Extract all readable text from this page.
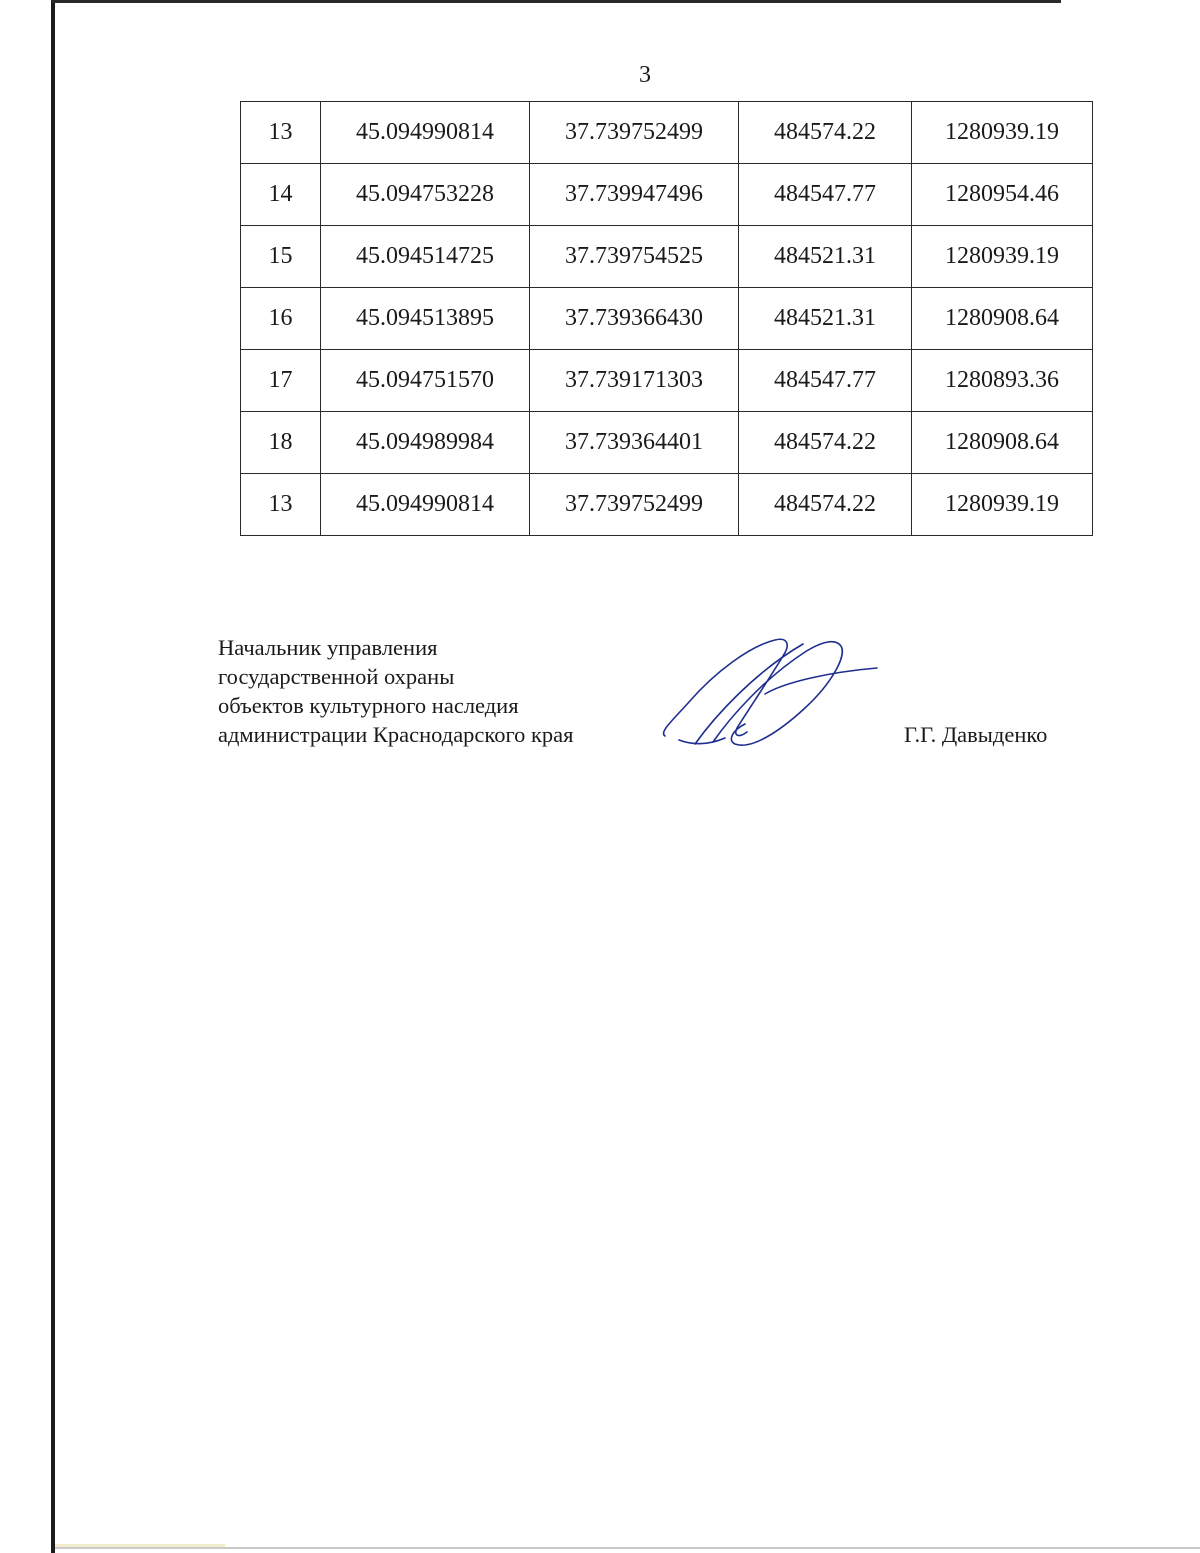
3
13	45.094990814	37.739752499	484574.22	1280939.19
14	45.094753228	37.739947496	484547.77	1280954.46
15	45.094514725	37.739754525	484521.31	1280939.19
16	45.094513895	37.739366430	484521.31	1280908.64
17	45.094751570	37.739171303	484547.77	1280893.36
18	45.094989984	37.739364401	484574.22	1280908.64
13	45.094990814	37.739752499	484574.22	1280939.19
Начальник управления
государственной охраны
объектов культурного наследия
администрации Краснодарского края	Г.Г. Давыденко
